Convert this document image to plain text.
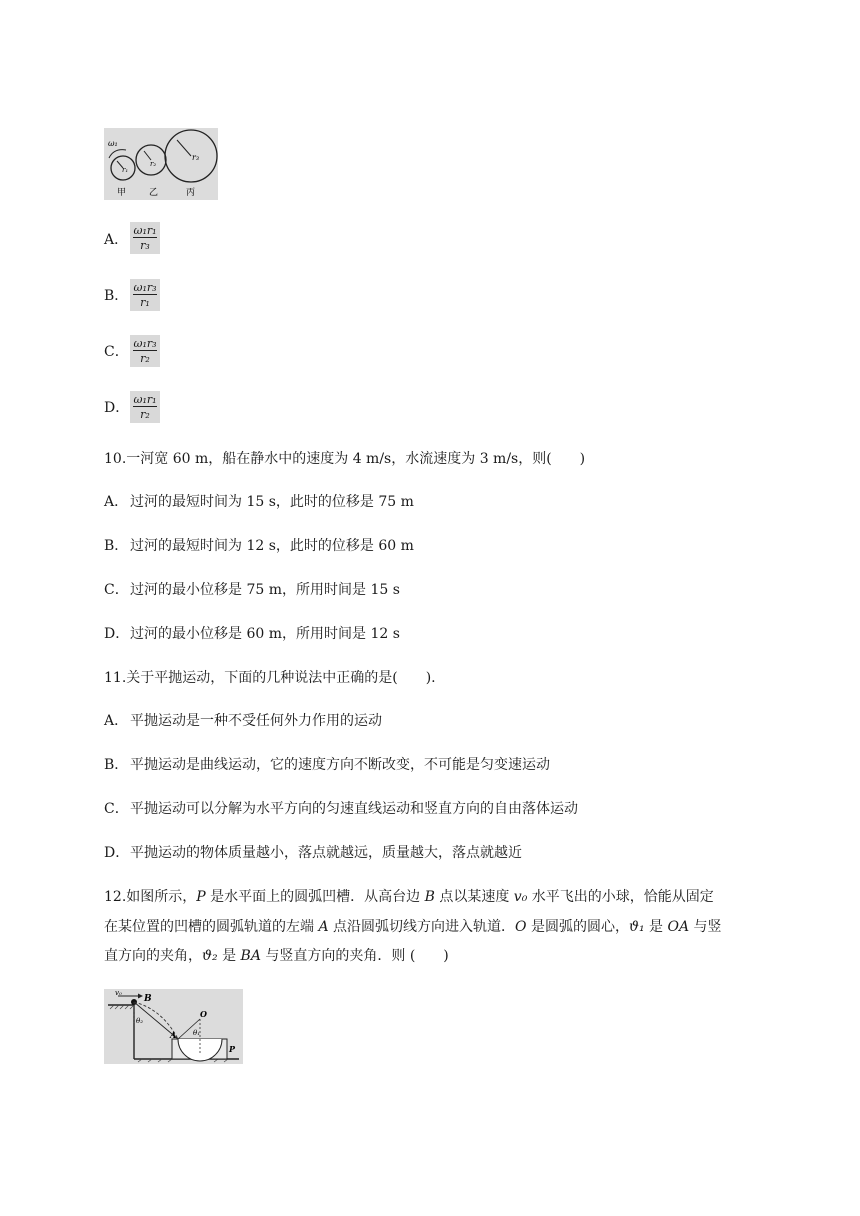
ω₁
r₁
r₂
r₃
甲	乙	丙
A．
ω₁r₁
r₃
B．
ω₁r₃
r₁
C．
ω₁r₃
r₂
D．
ω₁r₁
r₂
10.一河宽 60 m，船在静水中的速度为 4 m/s，水流速度为 3 m/s，则(　　)
A． 过河的最短时间为 15 s，此时的位移是 75 m
B． 过河的最短时间为 12 s，此时的位移是 60 m
C．过河的最小位移是 75 m，所用时间是 15 s
D．过河的最小位移是 60 m，所用时间是 12 s
11.关于平抛运动，下面的几种说法中正确的是(　　).
A． 平抛运动是一种不受任何外力作用的运动
B． 平抛运动是曲线运动，它的速度方向不断改变，不可能是匀变速运动
C．平抛运动可以分解为水平方向的匀速直线运动和竖直方向的自由落体运动
D．平抛运动的物体质量越小，落点就越远，质量越大，落点就越近
12.如图所示，P 是水平面上的圆弧凹槽．从高台边 B 点以某速度 v₀ 水平飞出的小球，恰能从固定
在某位置的凹槽的圆弧轨道的左端 A 点沿圆弧切线方向进入轨道．O 是圆弧的圆心，ϑ₁ 是 OA 与竖
直方向的夹角，ϑ₂ 是 BA 与竖直方向的夹角．则 (　　)
v₀
B
O
A
θ₂
θ₁
P
